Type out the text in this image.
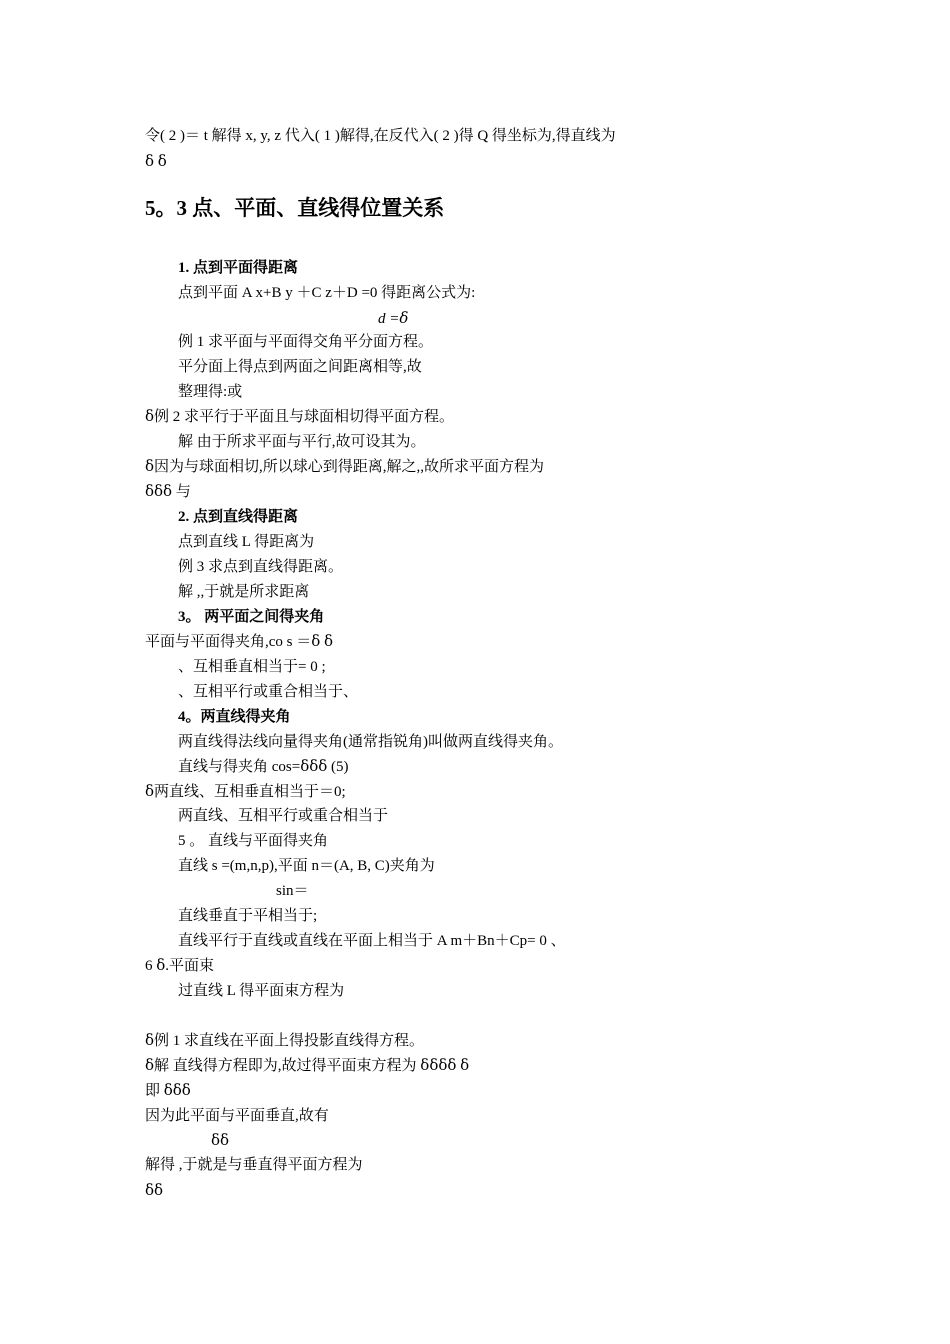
令( 2 )＝ t 解得 x, y, z 代入( 1 )解得,在反代入( 2 )得 Q 得坐标为,得直线为
ẟ ẟ
5。3 点、平面、直线得位置关系
1. 点到平面得距离
点到平面 A x+B y ＋C z＋D =0 得距离公式为:
d =ẟ
例 1 求平面与平面得交角平分面方程。
平分面上得点到两面之间距离相等,故
整理得:或
ẟ例 2 求平行于平面且与球面相切得平面方程。
解 由于所求平面与平行,故可设其为。
ẟ因为与球面相切,所以球心到得距离,解之,,故所求平面方程为
ẟẟẟ 与
2. 点到直线得距离
点到直线 L 得距离为
例 3 求点到直线得距离。
解 ,,于就是所求距离
3。 两平面之间得夹角
平面与平面得夹角,co s ＝ẟ ẟ
、互相垂直相当于= 0 ;
、互相平行或重合相当于、
4。两直线得夹角
两直线得法线向量得夹角(通常指锐角)叫做两直线得夹角。
直线与得夹角 cos=ẟẟẟ (5)
ẟ两直线、互相垂直相当于＝0;
两直线、互相平行或重合相当于
5 。 直线与平面得夹角
直线 s =(m,n,p),平面 n＝(A, B, C)夹角为
sin＝
直线垂直于平相当于;
直线平行于直线或直线在平面上相当于 A m＋Bn＋Cp= 0 、
6 ẟ.平面束
过直线 L 得平面束方程为
ẟ例 1 求直线在平面上得投影直线得方程。
ẟ解 直线得方程即为,故过得平面束方程为 ẟẟẟẟ ẟ
即 ẟẟẟ
因为此平面与平面垂直,故有
ẟẟ
解得 ,于就是与垂直得平面方程为
ẟẟ
